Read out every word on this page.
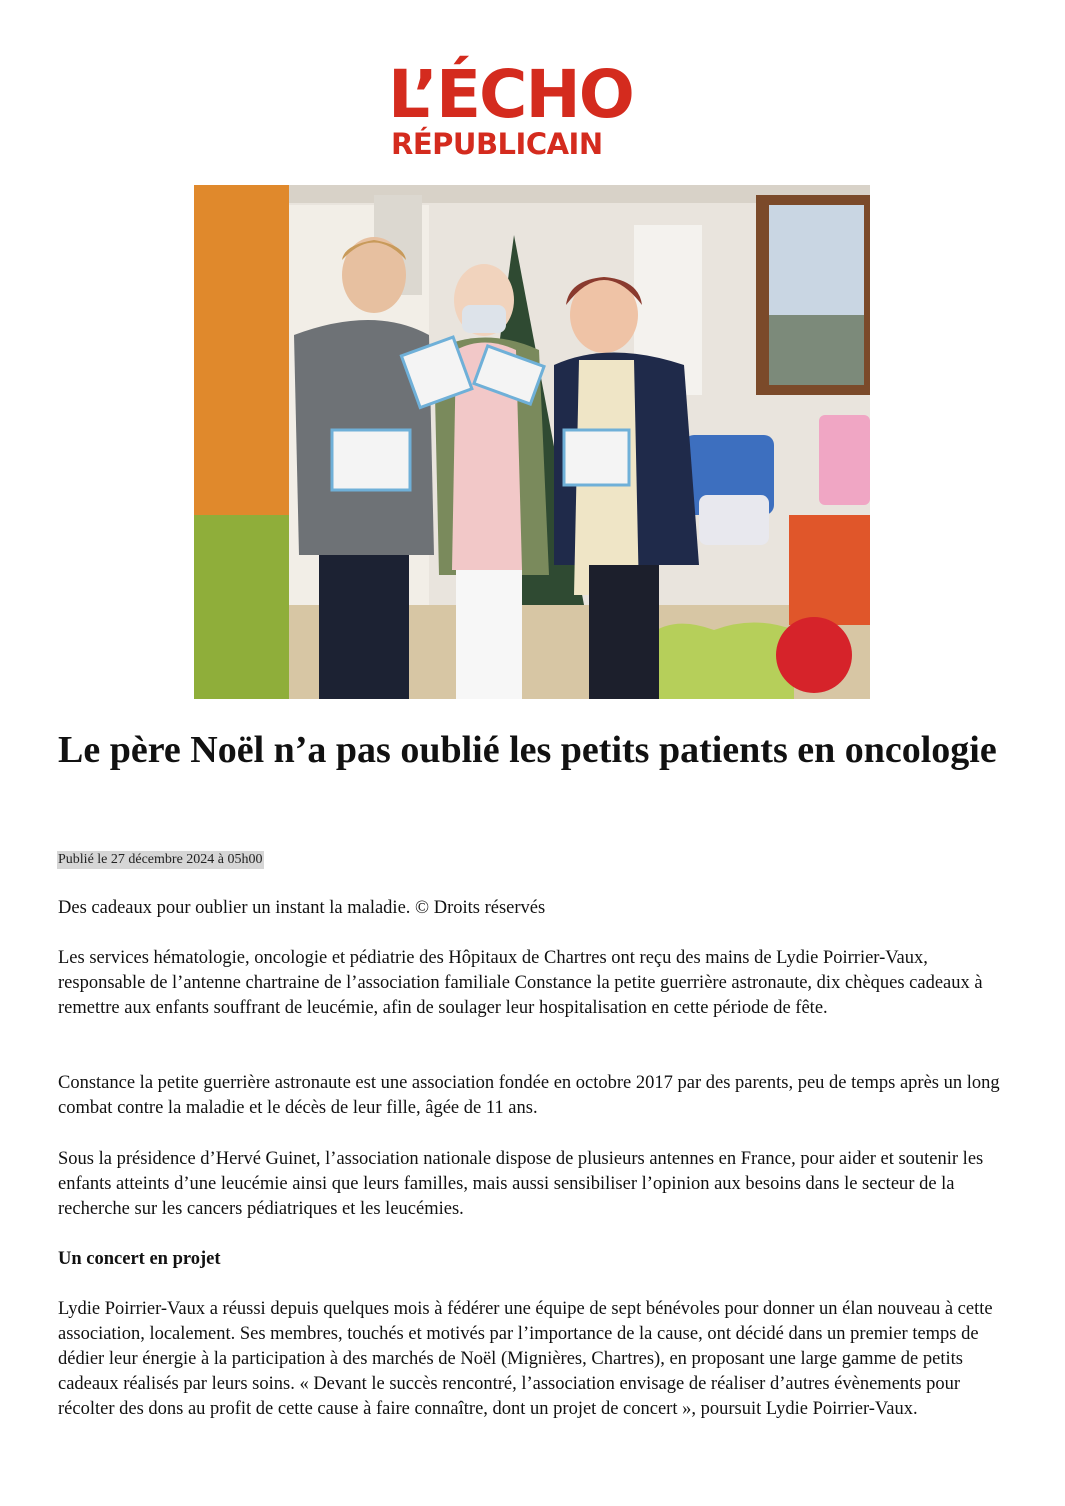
L’ÉCHO
RÉPUBLICAIN
Le père Noël n’a pas oublié les petits patients en oncologie
Publié le 27 décembre 2024 à 05h00

Des cadeaux pour oublier un instant la maladie. © Droits réservés

Les services hématologie, oncologie et pédiatrie des Hôpitaux de Chartres ont reçu des mains de Lydie Poirrier-Vaux, responsable de l’antenne chartraine de l’association familiale Constance la petite guerrière astronaute, dix chèques cadeaux à remettre aux enfants souffrant de leucémie, afin de soulager leur hospitalisation en cette période de fête.

Constance la petite guerrière astronaute est une association fondée en octobre 2017 par des parents, peu de temps après un long combat contre la maladie et le décès de leur fille, âgée de 11 ans.

Sous la présidence d’Hervé Guinet, l’association nationale dispose de plusieurs antennes en France, pour aider et soutenir les enfants atteints d’une leucémie ainsi que leurs familles, mais aussi sensibiliser l’opinion aux besoins dans le secteur de la recherche sur les cancers pédiatriques et les leucémies.

Un concert en projet

Lydie Poirrier-Vaux a réussi depuis quelques mois à fédérer une équipe de sept bénévoles pour donner un élan nouveau à cette association, localement. Ses membres, touchés et motivés par l’importance de la cause, ont décidé dans un premier temps de dédier leur énergie à la participation à des marchés de Noël (Mignières, Chartres), en proposant une large gamme de petits cadeaux réalisés par leurs soins. « Devant le succès rencontré, l’association envisage de réaliser d’autres évènements pour récolter des dons au profit de cette cause à faire connaître, dont un projet de concert », poursuit Lydie Poirrier-Vaux.
